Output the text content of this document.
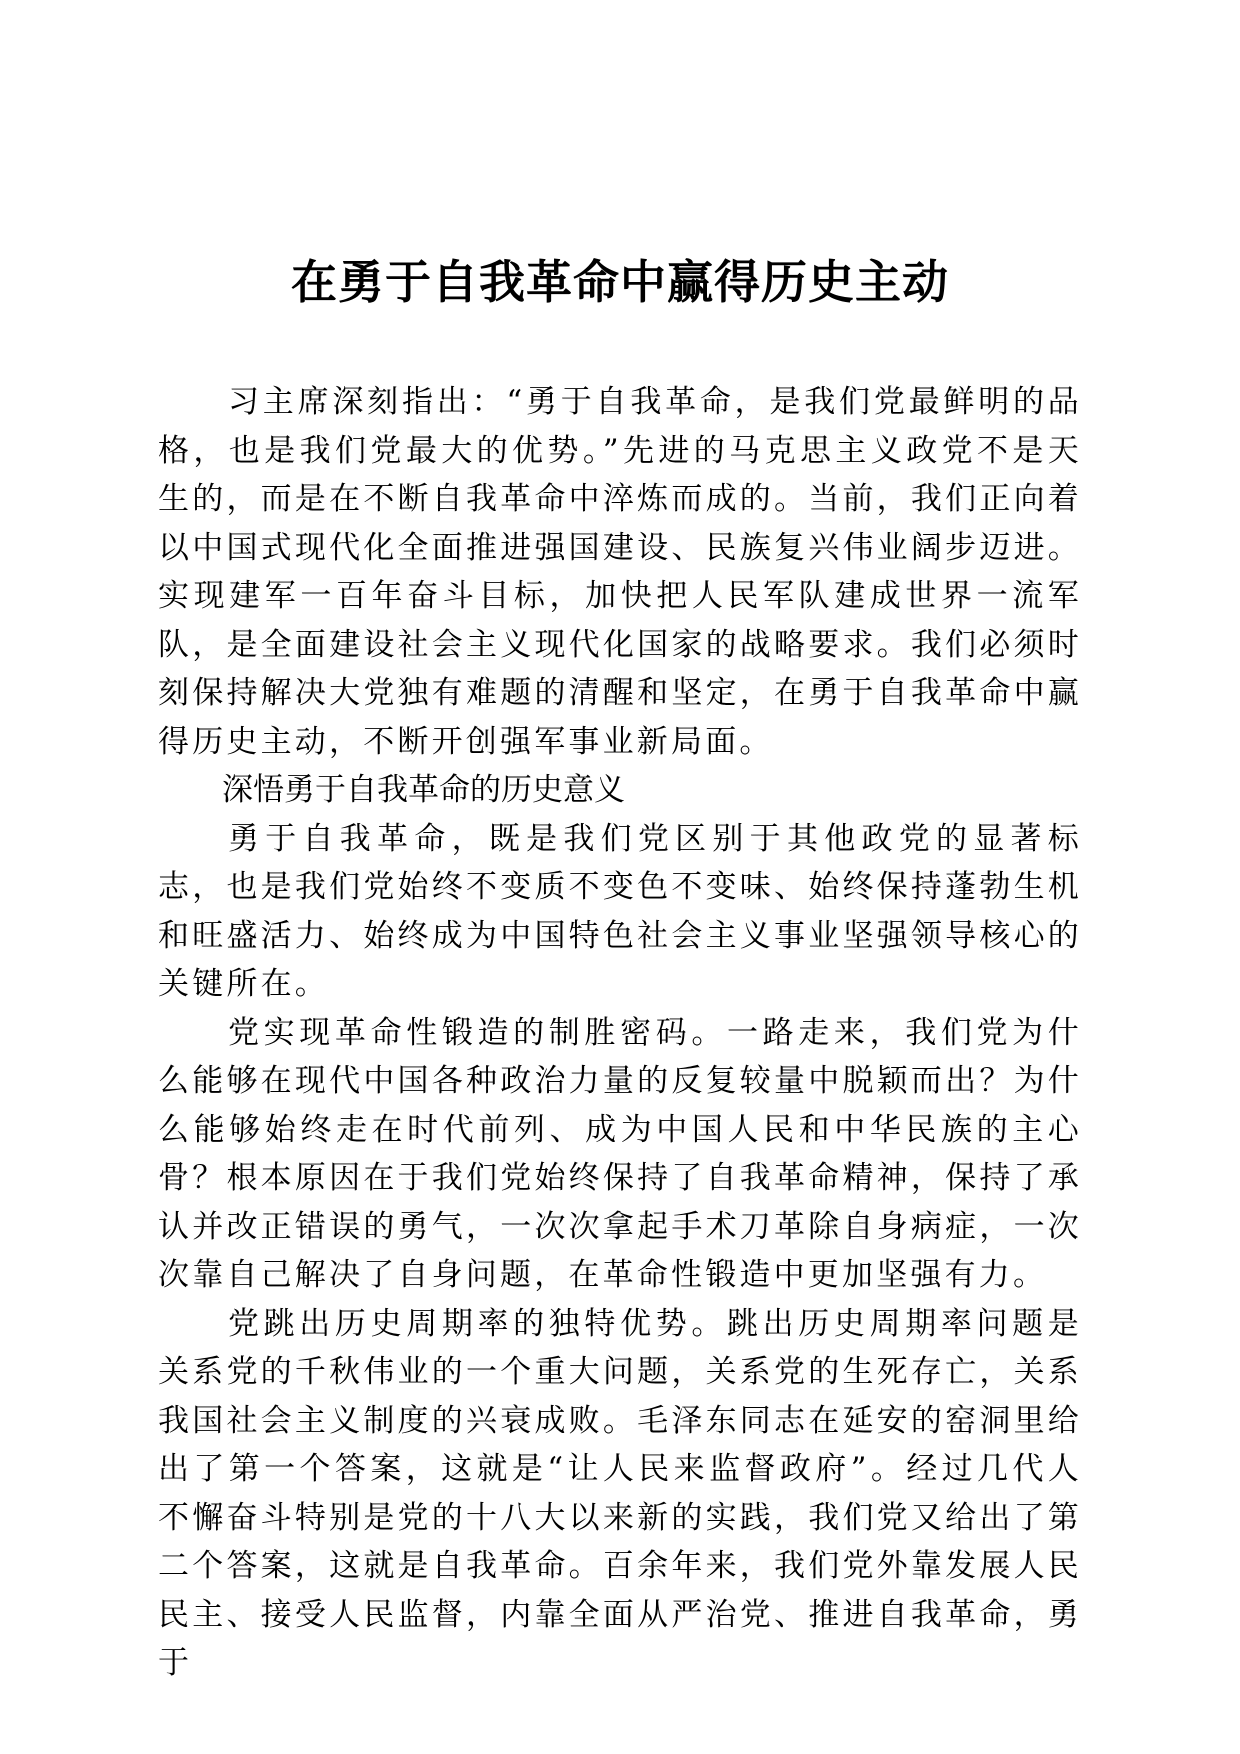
在勇于自我革命中赢得历史主动

习主席深刻指出：“勇于自我革命，是我们党最鲜明的品格，也是我们党最大的优势。”先进的马克思主义政党不是天生的，而是在不断自我革命中淬炼而成的。当前，我们正向着以中国式现代化全面推进强国建设、民族复兴伟业阔步迈进。实现建军一百年奋斗目标，加快把人民军队建成世界一流军队，是全面建设社会主义现代化国家的战略要求。我们必须时刻保持解决大党独有难题的清醒和坚定，在勇于自我革命中赢得历史主动，不断开创强军事业新局面。

深悟勇于自我革命的历史意义

勇于自我革命，既是我们党区别于其他政党的显著标志，也是我们党始终不变质不变色不变味、始终保持蓬勃生机和旺盛活力、始终成为中国特色社会主义事业坚强领导核心的关键所在。

党实现革命性锻造的制胜密码。一路走来，我们党为什么能够在现代中国各种政治力量的反复较量中脱颖而出？为什么能够始终走在时代前列、成为中国人民和中华民族的主心骨？根本原因在于我们党始终保持了自我革命精神，保持了承认并改正错误的勇气，一次次拿起手术刀革除自身病症，一次次靠自己解决了自身问题，在革命性锻造中更加坚强有力。

党跳出历史周期率的独特优势。跳出历史周期率问题是关系党的千秋伟业的一个重大问题，关系党的生死存亡，关系我国社会主义制度的兴衰成败。毛泽东同志在延安的窑洞里给出了第一个答案，这就是“让人民来监督政府”。经过几代人不懈奋斗特别是党的十八大以来新的实践，我们党又给出了第二个答案，这就是自我革命。百余年来，我们党外靠发展人民民主、接受人民监督，内靠全面从严治党、推进自我革命，勇于
